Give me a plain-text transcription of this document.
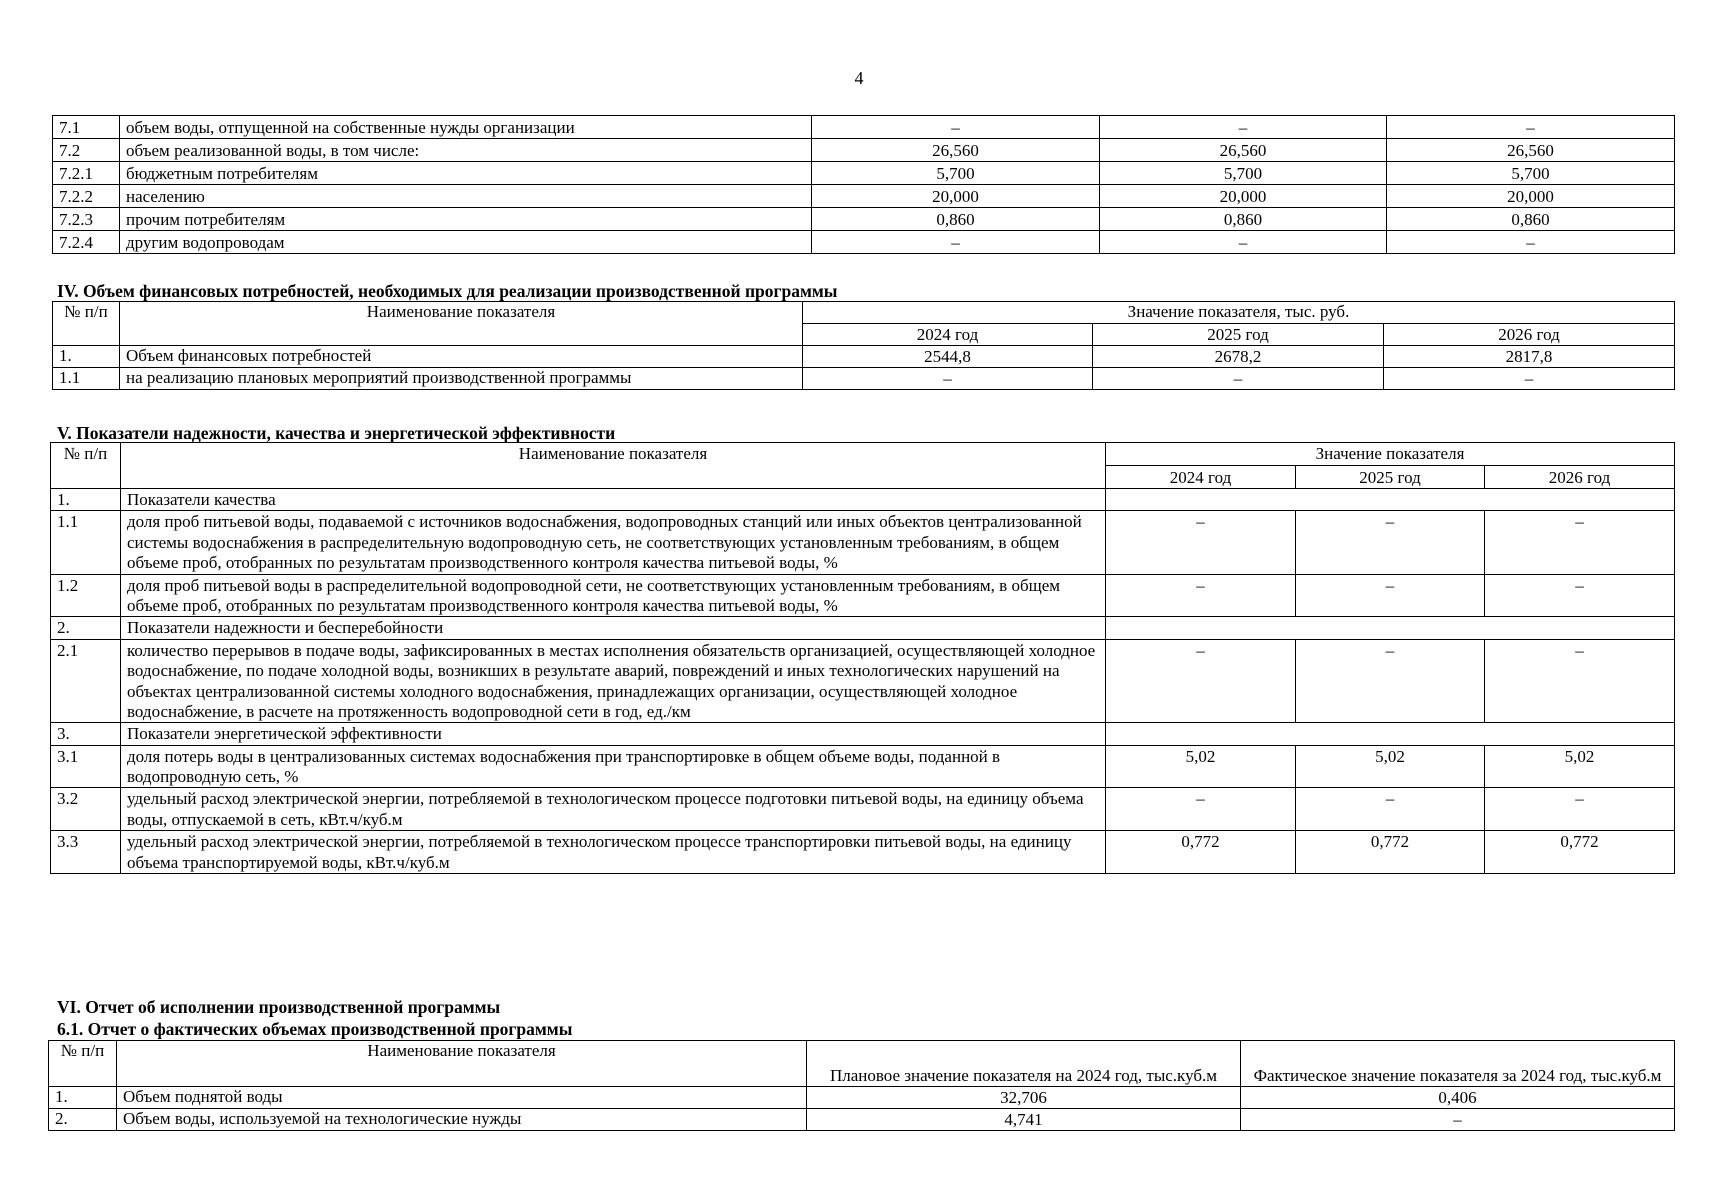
4
7.1	объем воды, отпущенной на собственные нужды организации	–	–	–
7.2	объем реализованной воды, в том числе:	26,560	26,560	26,560
7.2.1	бюджетным потребителям	5,700	5,700	5,700
7.2.2	населению	20,000	20,000	20,000
7.2.3	прочим потребителям	0,860	0,860	0,860
7.2.4	другим водопроводам	–	–	–
IV. Объем финансовых потребностей, необходимых для реализации производственной программы
№ п/п	Наименование показателя	Значение показателя, тыс. руб.		
		2024 год	2025 год	2026 год
1.	Объем финансовых потребностей	2544,8	2678,2	2817,8
1.1	на реализацию плановых мероприятий производственной программы	–	–	–
V. Показатели надежности, качества и энергетической эффективности
№ п/п	Наименование показателя	Значение показателя		
		2024 год	2025 год	2026 год
1.	Показатели качества			
1.1	доля проб питьевой воды, подаваемой с источников водоснабжения, водопроводных станций или иных объектов централизованной системы водоснабжения в распределительную водопроводную сеть, не соответствующих установленным требованиям, в общем объеме проб, отобранных по результатам производственного контроля качества питьевой воды, %	–	–	–
1.2	доля проб питьевой воды в распределительной водопроводной сети, не соответствующих установленным требованиям, в общем объеме проб, отобранных по результатам производственного контроля качества питьевой воды, %	–	–	–
2.	Показатели надежности и бесперебойности			
2.1	количество перерывов в подаче воды, зафиксированных в местах исполнения обязательств организацией, осуществляющей холодное водоснабжение, по подаче холодной воды, возникших в результате аварий, повреждений и иных технологических нарушений на объектах централизованной системы холодного водоснабжения, принадлежащих организации, осуществляющей холодное водоснабжение, в расчете на протяженность водопроводной сети в год, ед./км	–	–	–
3.	Показатели энергетической эффективности			
3.1	доля потерь воды в централизованных системах водоснабжения при транспортировке в общем объеме воды, поданной в водопроводную сеть, %	5,02	5,02	5,02
3.2	удельный расход электрической энергии, потребляемой в технологическом процессе подготовки питьевой воды, на единицу объема воды, отпускаемой в сеть, кВт.ч/куб.м	–	–	–
3.3	удельный расход электрической энергии, потребляемой в технологическом процессе транспортировки питьевой воды, на единицу объема транспортируемой воды, кВт.ч/куб.м	0,772	0,772	0,772
VI. Отчет об исполнении производственной программы
6.1. Отчет о фактических объемах производственной программы
№ п/п	Наименование показателя	Плановое значение показателя на 2024 год, тыс.куб.м	Фактическое значение показателя за 2024 год, тыс.куб.м
1.	Объем поднятой воды	32,706	0,406
2.	Объем воды, используемой на технологические нужды	4,741	–
